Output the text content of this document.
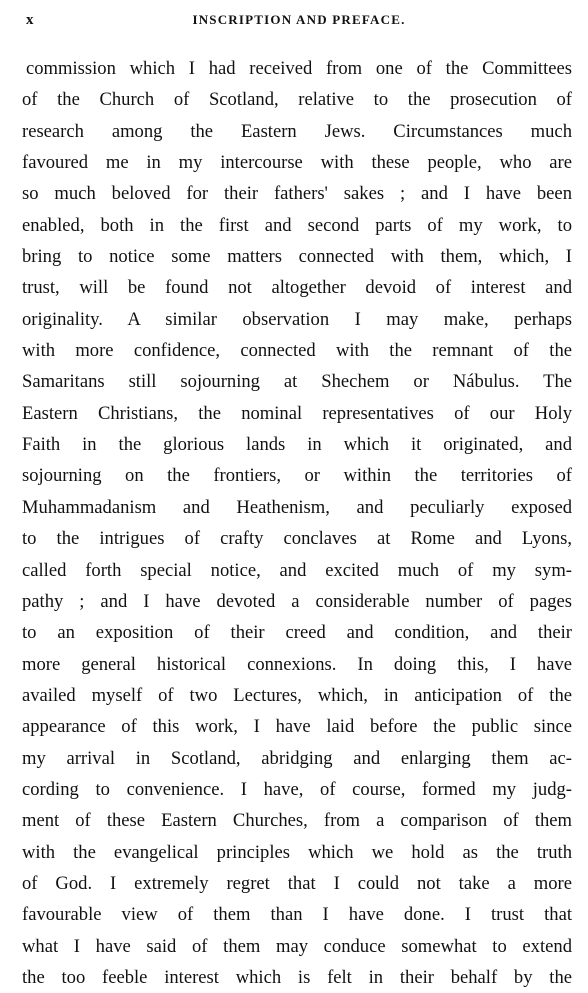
x	INSCRIPTION AND PREFACE.
commission which I had received from one of the Committees
of the Church of Scotland, relative to the prosecution of
research among the Eastern Jews. Circumstances much
favoured me in my intercourse with these people, who are
so much beloved for their fathers' sakes ; and I have been
enabled, both in the first and second parts of my work, to
bring to notice some matters connected with them, which, I
trust, will be found not altogether devoid of interest and
originality. A similar observation I may make, perhaps
with more confidence, connected with the remnant of the
Samaritans still sojourning at Shechem or Nábulus. The
Eastern Christians, the nominal representatives of our Holy
Faith in the glorious lands in which it originated, and
sojourning on the frontiers, or within the territories of
Muhammadanism and Heathenism, and peculiarly exposed
to the intrigues of crafty conclaves at Rome and Lyons,
called forth special notice, and excited much of my sym-
pathy ; and I have devoted a considerable number of pages
to an exposition of their creed and condition, and their
more general historical connexions. In doing this, I have
availed myself of two Lectures, which, in anticipation of the
appearance of this work, I have laid before the public since
my arrival in Scotland, abridging and enlarging them ac-
cording to convenience. I have, of course, formed my judg-
ment of these Eastern Churches, from a comparison of them
with the evangelical principles which we hold as the truth
of God. I extremely regret that I could not take a more
favourable view of them than I have done. I trust that
what I have said of them may conduce somewhat to extend
the too feeble interest which is felt in their behalf by the
